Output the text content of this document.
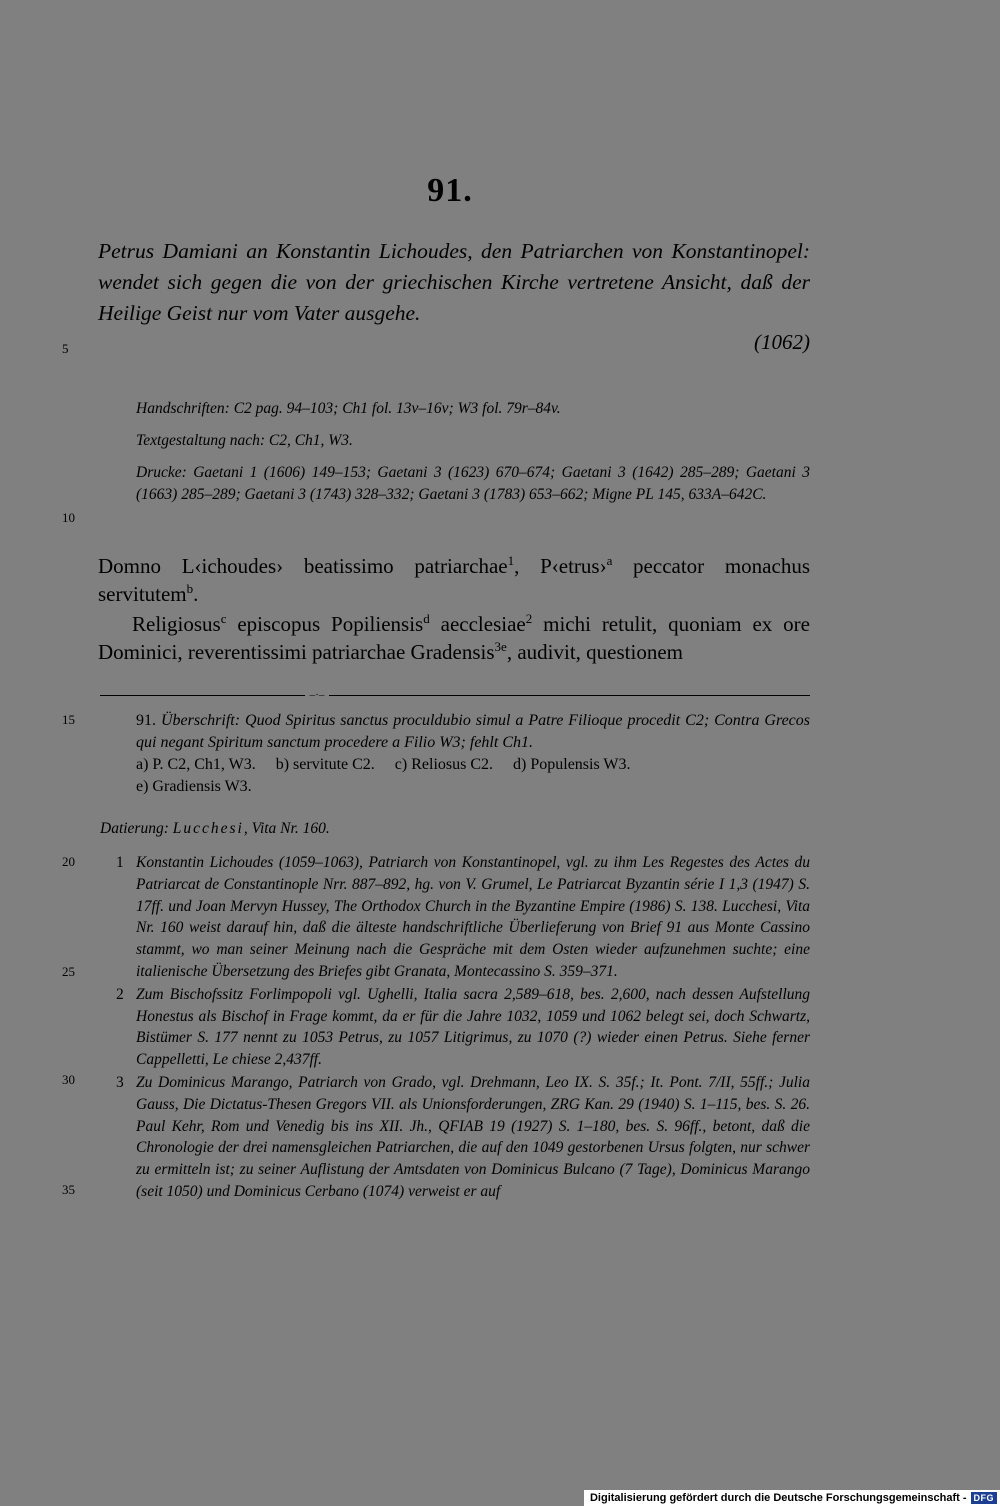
5
10
15
20
25
30
35
91.
Petrus Damiani an Konstantin Lichoudes, den Patriarchen von Konstantinopel: wendet sich gegen die von der griechischen Kirche vertretene Ansicht, daß der Heilige Geist nur vom Vater ausgehe.
(1062)
Handschriften: C2 pag. 94–103; Ch1 fol. 13v–16v; W3 fol. 79r–84v.
Textgestaltung nach: C2, Ch1, W3.
Drucke: Gaetani 1 (1606) 149–153; Gaetani 3 (1623) 670–674; Gaetani 3 (1642) 285–289; Gaetani 3 (1663) 285–289; Gaetani 3 (1743) 328–332; Gaetani 3 (1783) 653–662; Migne PL 145, 633A–642C.
Domno L‹ichoudes› beatissimo patriarchae$^1$, P‹etrus›$^a$ peccator monachus servitutem$^b$.
Religiosus$^c$ episcopus Popiliensis$^d$ aecclesiae$^2$ michi retulit, quoniam ex ore Dominici, reverentissimi patriarchae Gradensis$^{3e}$, audivit, questionem
–·–

91. Überschrift: Quod Spiritus sanctus proculdubio simul a Patre Filioque procedit C2; Contra Grecos qui negant Spiritum sanctum procedere a Filio W3; fehlt Ch1.

a) P. C2, Ch1, W3.     b) servitute C2.     c) Reliosus C2.     d) Populensis W3.

e) Gradiensis W3.

Datierung: Lucchesi, Vita Nr. 160.
1 Konstantin Lichoudes (1059–1063), Patriarch von Konstantinopel, vgl. zu ihm Les Regestes des Actes du Patriarcat de Constantinople Nrr. 887–892, hg. von V. Grumel, Le Patriarcat Byzantin série I 1,3 (1947) S. 17ff. und Joan Mervyn Hussey, The Orthodox Church in the Byzantine Empire (1986) S. 138. Lucchesi, Vita Nr. 160 weist darauf hin, daß die älteste handschriftliche Überlieferung von Brief 91 aus Monte Cassino stammt, wo man seiner Meinung nach die Gespräche mit dem Osten wieder aufzunehmen suchte; eine italienische Übersetzung des Briefes gibt Granata, Montecassino S. 359–371.
2 Zum Bischofssitz Forlimpopoli vgl. Ughelli, Italia sacra 2,589–618, bes. 2,600, nach dessen Aufstellung Honestus als Bischof in Frage kommt, da er für die Jahre 1032, 1059 und 1062 belegt sei, doch Schwartz, Bistümer S. 177 nennt zu 1053 Petrus, zu 1057 Litigrimus, zu 1070 (?) wieder einen Petrus. Siehe ferner Cappelletti, Le chiese 2,437ff.
3 Zu Dominicus Marango, Patriarch von Grado, vgl. Drehmann, Leo IX. S. 35f.; It. Pont. 7/II, 55ff.; Julia Gauss, Die Dictatus-Thesen Gregors VII. als Unionsforderungen, ZRG Kan. 29 (1940) S. 1–115, bes. S. 26. Paul Kehr, Rom und Venedig bis ins XII. Jh., QFIAB 19 (1927) S. 1–180, bes. S. 96ff., betont, daß die Chronologie der drei namensgleichen Patriarchen, die auf den 1049 gestorbenen Ursus folgten, nur schwer zu ermitteln ist; zu seiner Auflistung der Amtsdaten von Dominicus Bulcano (7 Tage), Dominicus Marango (seit 1050) und Dominicus Cerbano (1074) verweist er auf
Digitalisierung gefördert durch die Deutsche Forschungsgemeinschaft - DFG
